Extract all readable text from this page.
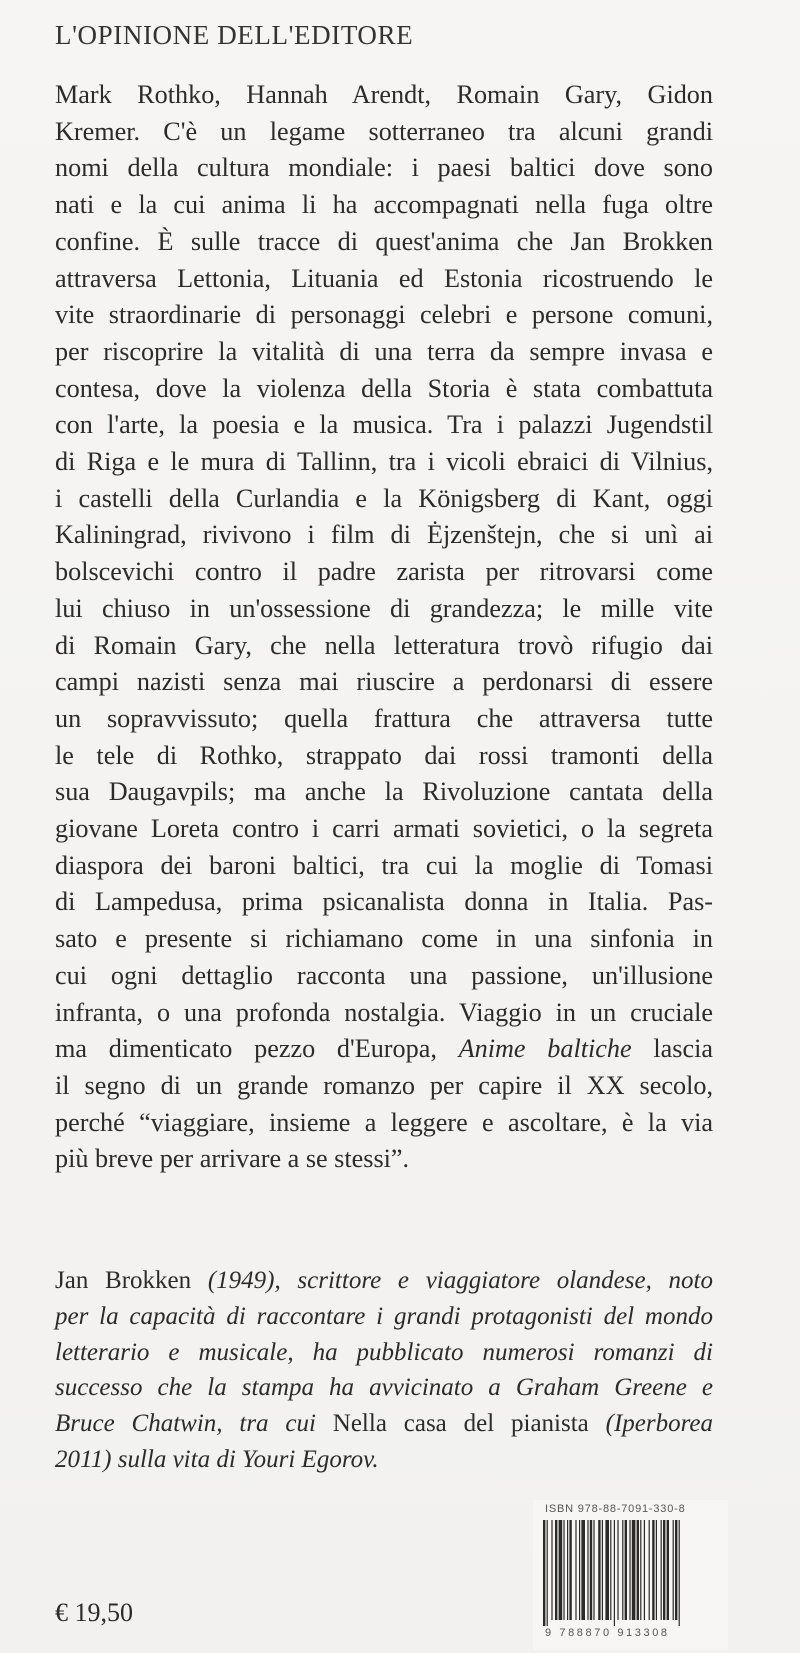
L'OPINIONE DELL'EDITORE
Mark Rothko, Hannah Arendt, Romain Gary, Gidon
Kremer. C'è un legame sotterraneo tra alcuni grandi
nomi della cultura mondiale: i paesi baltici dove sono
nati e la cui anima li ha accompagnati nella fuga oltre
confine. È sulle tracce di quest'anima che Jan Brokken
attraversa Lettonia, Lituania ed Estonia ricostruendo le
vite straordinarie di personaggi celebri e persone comuni,
per riscoprire la vitalità di una terra da sempre invasa e
contesa, dove la violenza della Storia è stata combattuta
con l'arte, la poesia e la musica. Tra i palazzi Jugendstil
di Riga e le mura di Tallinn, tra i vicoli ebraici di Vilnius,
i castelli della Curlandia e la Königsberg di Kant, oggi
Kaliningrad, rivivono i film di Ėjzenštejn, che si unì ai
bolscevichi contro il padre zarista per ritrovarsi come
lui chiuso in un'ossessione di grandezza; le mille vite
di Romain Gary, che nella letteratura trovò rifugio dai
campi nazisti senza mai riuscire a perdonarsi di essere
un sopravvissuto; quella frattura che attraversa tutte
le tele di Rothko, strappato dai rossi tramonti della
sua Daugavpils; ma anche la Rivoluzione cantata della
giovane Loreta contro i carri armati sovietici, o la segreta
diaspora dei baroni baltici, tra cui la moglie di Tomasi
di Lampedusa, prima psicanalista donna in Italia. Pas-
sato e presente si richiamano come in una sinfonia in
cui ogni dettaglio racconta una passione, un'illusione
infranta, o una profonda nostalgia. Viaggio in un cruciale
ma dimenticato pezzo d'Europa, Anime baltiche lascia
il segno di un grande romanzo per capire il XX secolo,
perché “viaggiare, insieme a leggere e ascoltare, è la via
più breve per arrivare a se stessi”.
Jan Brokken (1949), scrittore e viaggiatore olandese, noto
per la capacità di raccontare i grandi protagonisti del mondo
letterario e musicale, ha pubblicato numerosi romanzi di
successo che la stampa ha avvicinato a Graham Greene e
Bruce Chatwin, tra cui Nella casa del pianista (Iperborea
2011) sulla vita di Youri Egorov.
ISBN 978-88-7091-330-8
9 788870 913308
€ 19,50
